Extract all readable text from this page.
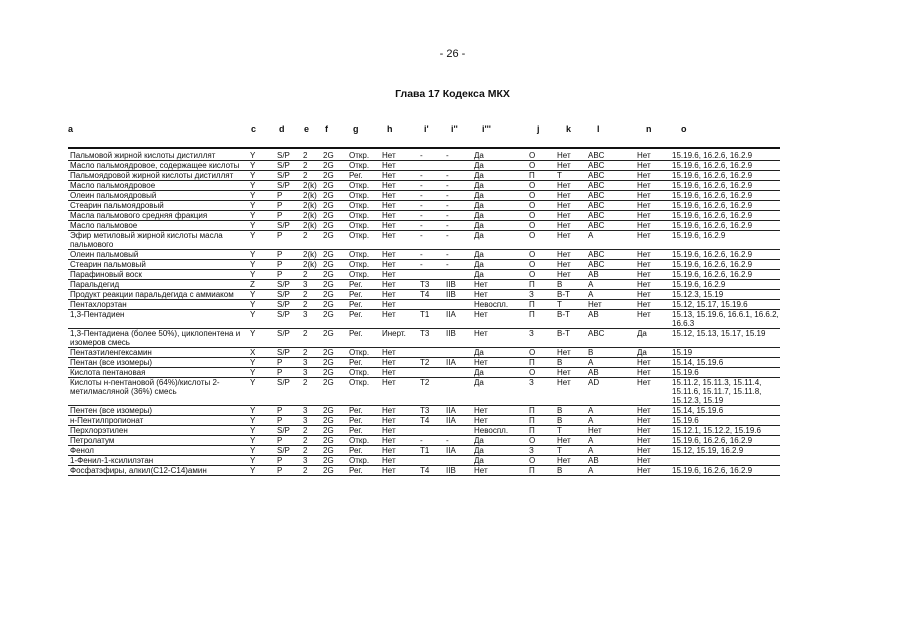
- 26 -
Глава 17 Кодекса МКХ
a	c	d e f	g	h	i' i''	i'''	j	k	l	n	o
Пальмовой жирной кислоты дистиллят	Y	S/P	2	2G	Откр.	Нет	-	-	Да	О	Нет	ABC	Нет	15.19.6, 16.2.6, 16.2.9
Масло пальмоядровое, содержащее кислоты	Y	S/P	2	2G	Откр.	Нет			Да	О	Нет	ABC	Нет	15.19.6, 16.2.6, 16.2.9
Пальмоядровой жирной кислоты дистиллят	Y	S/P	2	2G	Рег.	Нет	-	-	Да	П	Т	ABC	Нет	15.19.6, 16.2.6, 16.2.9
Масло пальмоядровое	Y	S/P	2(k)	2G	Откр.	Нет	-	-	Да	О	Нет	ABC	Нет	15.19.6, 16.2.6, 16.2.9
Олеин пальмоядровый	Y	P	2(k)	2G	Откр.	Нет	-	-	Да	О	Нет	ABC	Нет	15.19.6, 16.2.6, 16.2.9
Стеарин пальмоядровый	Y	P	2(k)	2G	Откр.	Нет	-	-	Да	О	Нет	ABC	Нет	15.19.6, 16.2.6, 16.2.9
Масла пальмового средняя фракция	Y	P	2(k)	2G	Откр.	Нет	-	-	Да	О	Нет	ABC	Нет	15.19.6, 16.2.6, 16.2.9
Масло пальмовое	Y	S/P	2(k)	2G	Откр.	Нет	-	-	Да	О	Нет	ABC	Нет	15.19.6, 16.2.6, 16.2.9
Эфир метиловый жирной кислоты масла пальмового	Y	P	2	2G	Откр.	Нет	-	-	Да	О	Нет	A	Нет	15.19.6, 16.2.9
Олеин пальмовый	Y	P	2(k)	2G	Откр.	Нет	-	-	Да	О	Нет	ABC	Нет	15.19.6, 16.2.6, 16.2.9
Стеарин пальмовый	Y	P	2(k)	2G	Откр.	Нет	-	-	Да	О	Нет	ABC	Нет	15.19.6, 16.2.6, 16.2.9
Парафиновый воск	Y	P	2	2G	Откр.	Нет			Да	О	Нет	AB	Нет	15.19.6, 16.2.6, 16.2.9
Паральдегид	Z	S/P	3	2G	Рег.	Нет	T3	IIB	Нет	П	В	A	Нет	15.19.6, 16.2.9
Продукт реакции паральдегида с аммиаком	Y	S/P	2	2G	Рег.	Нет	T4	IIB	Нет	З	В-Т	A	Нет	15.12.3, 15.19
Пентахлорэтан	Y	S/P	2	2G	Рег.	Нет			Невоспл.	П	Т	Нет	Нет	15.12, 15.17, 15.19.6
1,3-Пентадиен	Y	S/P	3	2G	Рег.	Нет	T1	IIA	Нет	П	В-Т	AB	Нет	15.13, 15.19.6, 16.6.1, 16.6.2, 16.6.3
1,3-Пентадиена (более 50%), циклопентена и изомеров смесь	Y	S/P	2	2G	Рег.	Инерт.	T3	IIB	Нет	З	В-Т	ABC	Да	15.12, 15.13, 15.17, 15.19
Пентаэтиленгексамин	X	S/P	2	2G	Откр.	Нет			Да	О	Нет	В	Да	15.19
Пентан (все изомеры)	Y	P	3	2G	Рег.	Нет	T2	IIA	Нет	П	В	A	Нет	15.14, 15.19.6
Кислота пентановая	Y	P	3	2G	Откр.	Нет			Да	О	Нет	AB	Нет	15.19.6
Кислоты н-пентановой (64%)/кислоты 2-метилмасляной (36%) смесь	Y	S/P	2	2G	Откр.	Нет	T2		Да	З	Нет	AD	Нет	15.11.2, 15.11.3, 15.11.4, 15.11.6, 15.11.7, 15.11.8, 15.12.3, 15.19
Пентен (все изомеры)	Y	P	3	2G	Рег.	Нет	T3	IIA	Нет	П	В	A	Нет	15.14, 15.19.6
н-Пентилпропионат	Y	P	3	2G	Рег.	Нет	T4	IIA	Нет	П	В	A	Нет	15.19.6
Перхлорэтилен	Y	S/P	2	2G	Рег.	Нет			Невоспл.	П	Т	Нет	Нет	15.12.1, 15.12.2, 15.19.6
Петролатум	Y	P	2	2G	Откр.	Нет	-	-	Да	О	Нет	A	Нет	15.19.6, 16.2.6, 16.2.9
Фенол	Y	S/P	2	2G	Рег.	Нет	T1	IIA	Да	З	Т	A	Нет	15.12, 15.19, 16.2.9
1-Фенил-1-ксилилэтан	Y	P	3	2G	Откр.	Нет			Да	О	Нет	AB	Нет	
Фосфатэфиры, алкил(C12-C14)амин	Y	P	2	2G	Рег.	Нет	T4	IIB	Нет	П	В	A	Нет	15.19.6, 16.2.6, 16.2.9
